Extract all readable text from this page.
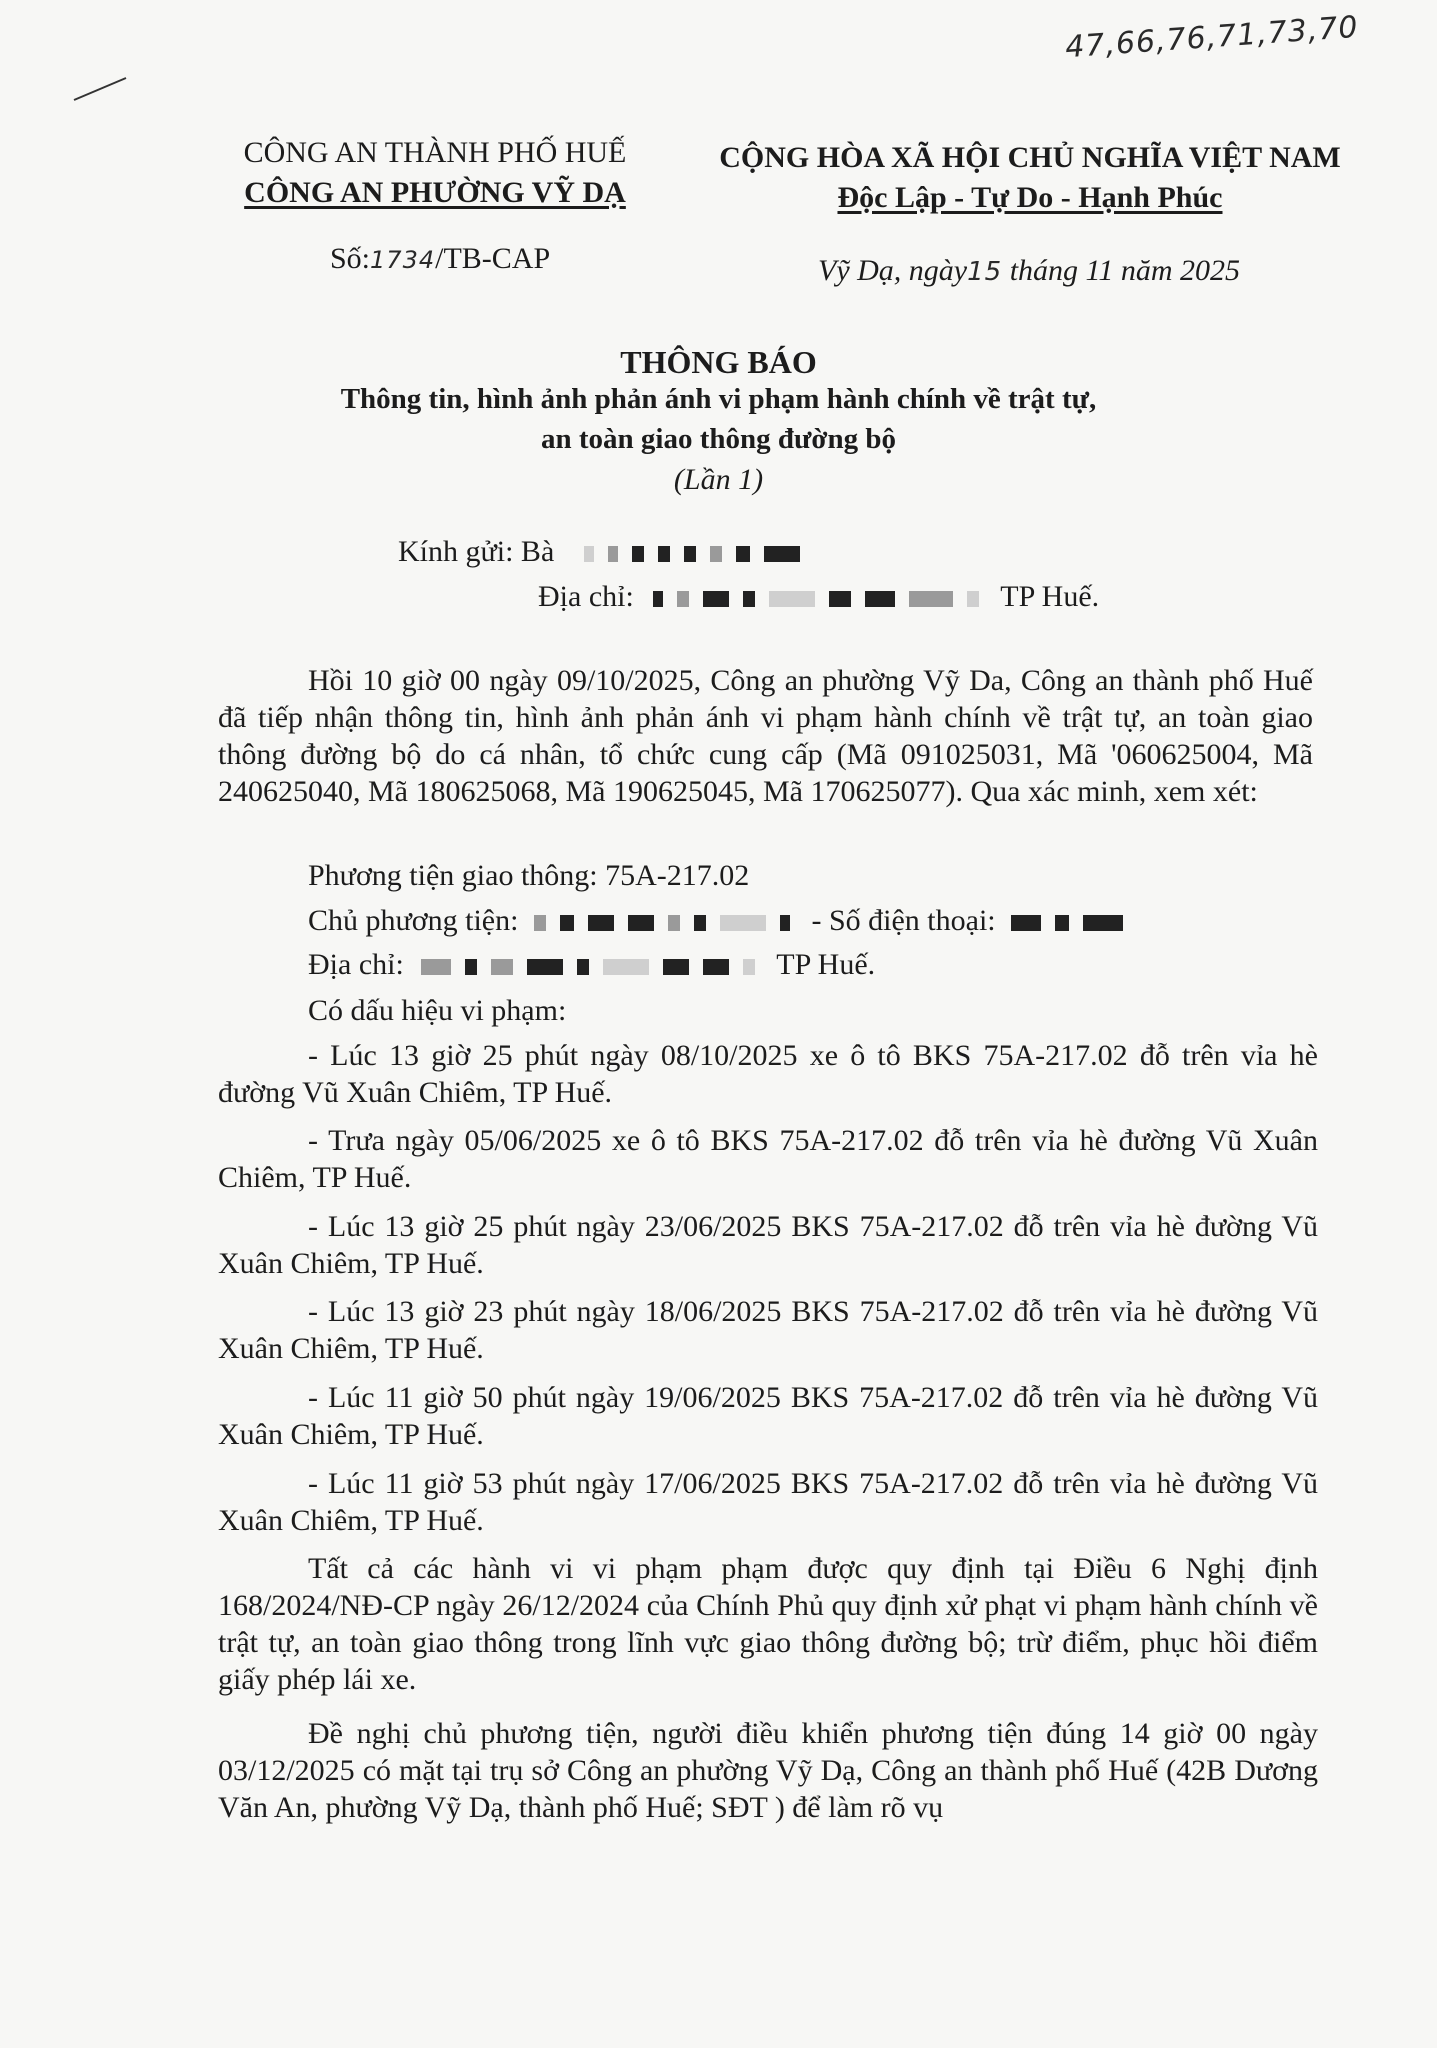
47,66,76,71,73,70
CÔNG AN THÀNH PHỐ HUẾ
CÔNG AN PHƯỜNG VỸ DẠ
Số:1734/TB-CAP
CỘNG HÒA XÃ HỘI CHỦ NGHĨA VIỆT NAM
Độc Lập - Tự Do - Hạnh Phúc
Vỹ Dạ, ngày15 tháng 11 năm 2025
THÔNG BÁO
Thông tin, hình ảnh phản ánh vi phạm hành chính về trật tự,
an toàn giao thông đường bộ
(Lần 1)
Kính gửi: Bà
Địa chỉ:	TP Huế.
Hồi 10 giờ 00 ngày 09/10/2025, Công an phường Vỹ Da, Công an thành phố Huế đã tiếp nhận thông tin, hình ảnh phản ánh vi phạm hành chính về trật tự, an toàn giao thông đường bộ do cá nhân, tổ chức cung cấp (Mã 091025031, Mã '060625004, Mã 240625040, Mã 180625068, Mã 190625045, Mã 170625077). Qua xác minh, xem xét:
Phương tiện giao thông: 75A-217.02
Chủ phương tiện:	- Số điện thoại:
Địa chỉ:	TP Huế.
Có dấu hiệu vi phạm:
- Lúc 13 giờ 25 phút ngày 08/10/2025 xe ô tô BKS 75A-217.02 đỗ trên vỉa hè đường Vũ Xuân Chiêm, TP Huế.
- Trưa ngày 05/06/2025 xe ô tô BKS 75A-217.02 đỗ trên vỉa hè đường Vũ Xuân Chiêm, TP Huế.
- Lúc 13 giờ 25 phút ngày 23/06/2025 BKS 75A-217.02 đỗ trên vỉa hè đường Vũ Xuân Chiêm, TP Huế.
- Lúc 13 giờ 23 phút ngày 18/06/2025 BKS 75A-217.02 đỗ trên vỉa hè đường Vũ Xuân Chiêm, TP Huế.
- Lúc 11 giờ 50 phút ngày 19/06/2025 BKS 75A-217.02 đỗ trên vỉa hè đường Vũ Xuân Chiêm, TP Huế.
- Lúc 11 giờ 53 phút ngày 17/06/2025 BKS 75A-217.02 đỗ trên vỉa hè đường Vũ Xuân Chiêm, TP Huế.
Tất cả các hành vi vi phạm phạm được quy định tại Điều 6 Nghị định 168/2024/NĐ-CP ngày 26/12/2024 của Chính Phủ quy định xử phạt vi phạm hành chính về trật tự, an toàn giao thông trong lĩnh vực giao thông đường bộ; trừ điểm, phục hồi điểm giấy phép lái xe.
Đề nghị chủ phương tiện, người điều khiển phương tiện đúng 14 giờ 00 ngày 03/12/2025 có mặt tại trụ sở Công an phường Vỹ Dạ, Công an thành phố Huế (42B Dương Văn An, phường Vỹ Dạ, thành phố Huế; SĐT ) để làm rõ vụ
